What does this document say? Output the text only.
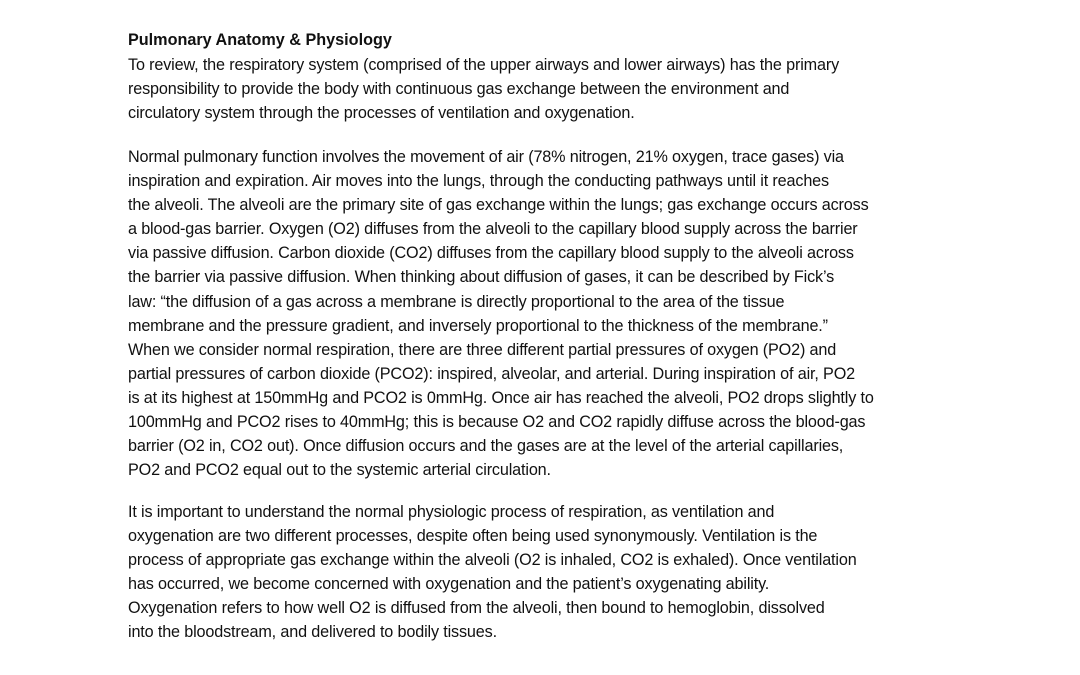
Pulmonary Anatomy & Physiology

To review, the respiratory system (comprised of the upper airways and lower airways) has the primary
responsibility to provide the body with continuous gas exchange between the environment and
circulatory system through the processes of ventilation and oxygenation.

Normal pulmonary function involves the movement of air (78% nitrogen, 21% oxygen, trace gases) via
inspiration and expiration. Air moves into the lungs, through the conducting pathways until it reaches
the alveoli. The alveoli are the primary site of gas exchange within the lungs; gas exchange occurs across
a blood-gas barrier. Oxygen (O2) diffuses from the alveoli to the capillary blood supply across the barrier
via passive diffusion. Carbon dioxide (CO2) diffuses from the capillary blood supply to the alveoli across
the barrier via passive diffusion. When thinking about diffusion of gases, it can be described by Fick’s
law: “the diffusion of a gas across a membrane is directly proportional to the area of the tissue
membrane and the pressure gradient, and inversely proportional to the thickness of the membrane.”
When we consider normal respiration, there are three different partial pressures of oxygen (PO2) and
partial pressures of carbon dioxide (PCO2): inspired, alveolar, and arterial. During inspiration of air, PO2
is at its highest at 150mmHg and PCO2 is 0mmHg. Once air has reached the alveoli, PO2 drops slightly to
100mmHg and PCO2 rises to 40mmHg; this is because O2 and CO2 rapidly diffuse across the blood-gas
barrier (O2 in, CO2 out). Once diffusion occurs and the gases are at the level of the arterial capillaries,
PO2 and PCO2 equal out to the systemic arterial circulation.

It is important to understand the normal physiologic process of respiration, as ventilation and
oxygenation are two different processes, despite often being used synonymously. Ventilation is the
process of appropriate gas exchange within the alveoli (O2 is inhaled, CO2 is exhaled). Once ventilation
has occurred, we become concerned with oxygenation and the patient’s oxygenating ability.
Oxygenation refers to how well O2 is diffused from the alveoli, then bound to hemoglobin, dissolved
into the bloodstream, and delivered to bodily tissues.
